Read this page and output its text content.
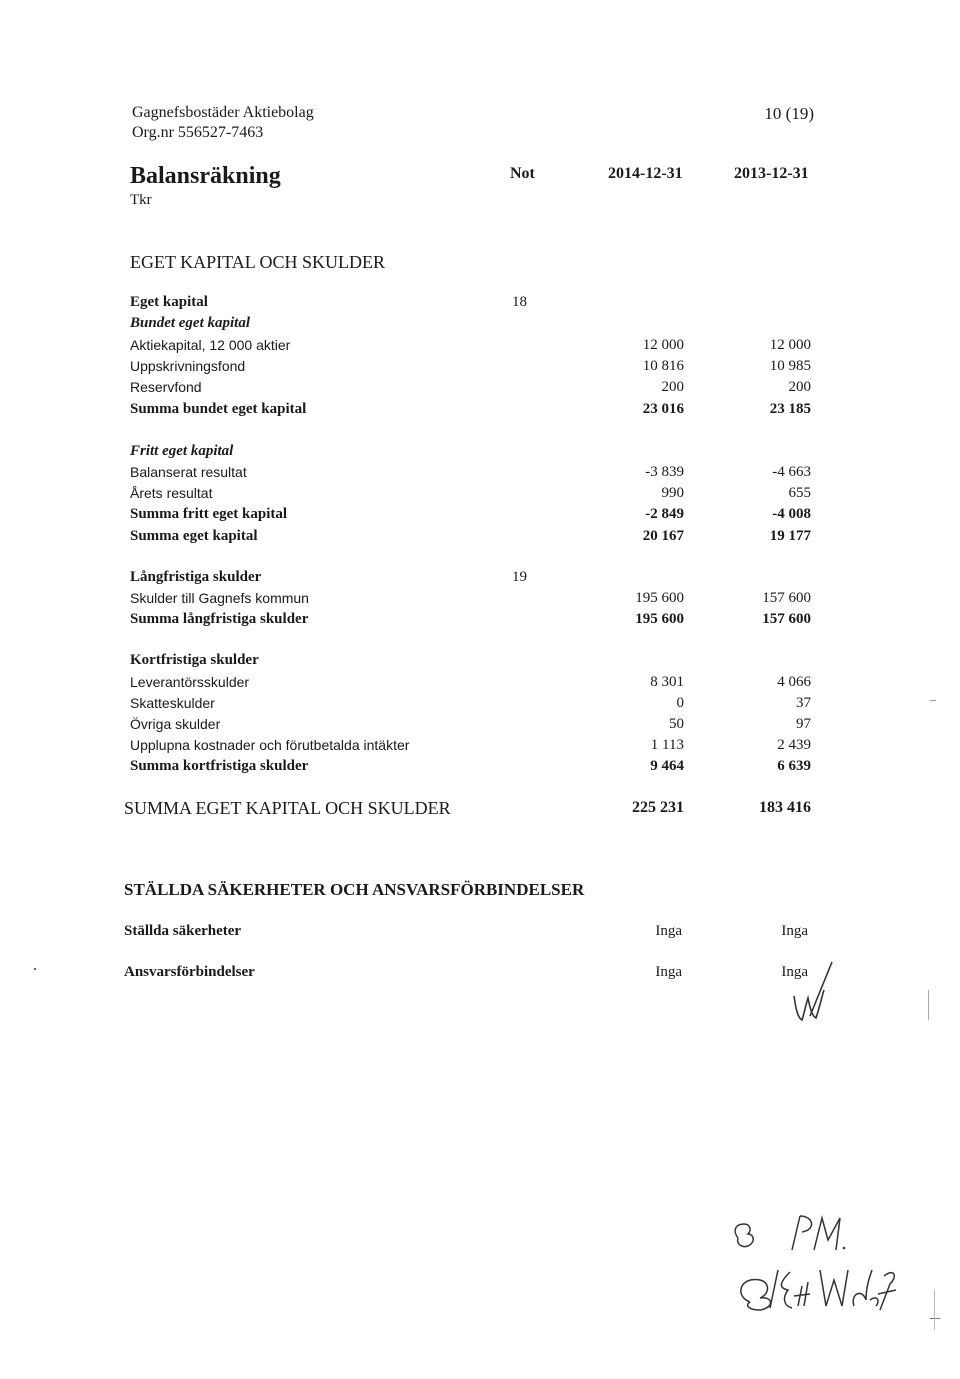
Gagnefsbostäder Aktiebolag
Org.nr 556527-7463
10 (19)
Balansräkning
Tkr
Not	2014-12-31	2013-12-31
EGET KAPITAL OCH SKULDER
Eget kapital	18
Bundet eget kapital
Aktiekapital, 12 000 aktier	12 000	12 000
Uppskrivningsfond	10 816	10 985
Reservfond	200	200
Summa bundet eget kapital	23 016	23 185
Fritt eget kapital
Balanserat resultat	-3 839	-4 663
Årets resultat	990	655
Summa fritt eget kapital	-2 849	-4 008
Summa eget kapital	20 167	19 177
Långfristiga skulder	19
Skulder till Gagnefs kommun	195 600	157 600
Summa långfristiga skulder	195 600	157 600
Kortfristiga skulder
Leverantörsskulder	8 301	4 066
Skatteskulder	0	37
Övriga skulder	50	97
Upplupna kostnader och förutbetalda intäkter	1 113	2 439
Summa kortfristiga skulder	9 464	6 639
SUMMA EGET KAPITAL OCH SKULDER	225 231	183 416
STÄLLDA SÄKERHETER OCH ANSVARSFÖRBINDELSER
Ställda säkerheter	Inga	Inga
Ansvarsförbindelser	Inga	Inga
